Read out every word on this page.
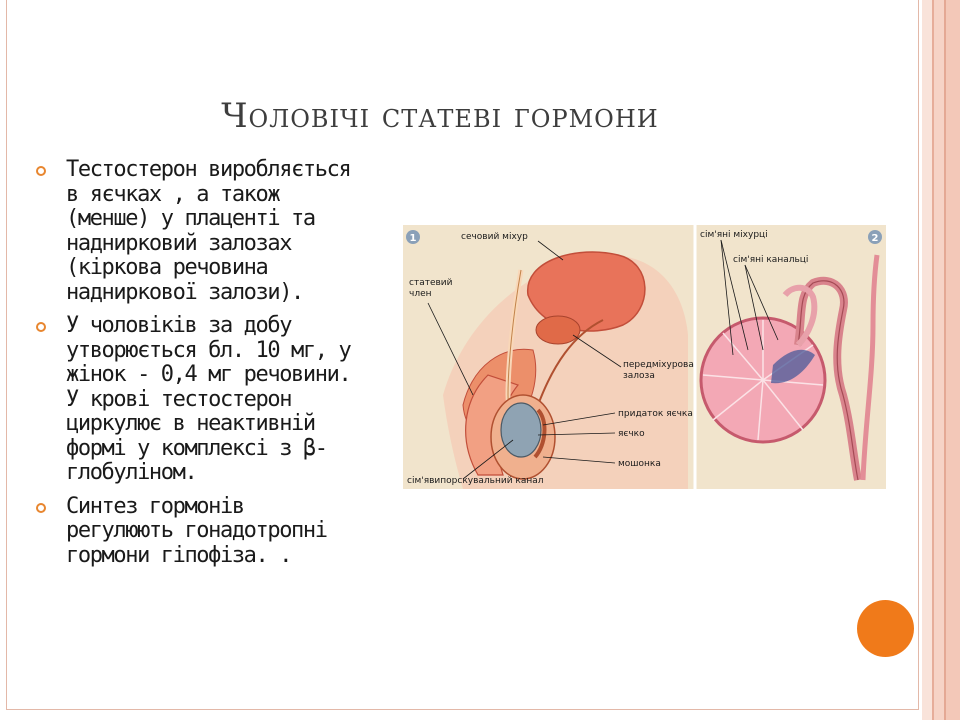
Чоловічі статеві гормони
Тестостерон виробляється
в яєчках , а також
(менше) у плаценті та
наднирковий залозах
(кіркова речовина
надниркової залози).
У чоловіків за добу
утворюється бл. 10 мг, у
жінок - 0,4 мг речовини.
У крові тестостерон
циркулює в неактивній
формі у комплексі з β-
глобуліном.
Синтез гормонів
регулюють гонадотропні
гормони гіпофіза. .
1	сечовий міхур
статевий
член
передміхурова
залоза
придаток яєчка
яєчко
мошонка
сім'явипорскувальний канал
2
сім'яні міхурці
сім'яні канальці
